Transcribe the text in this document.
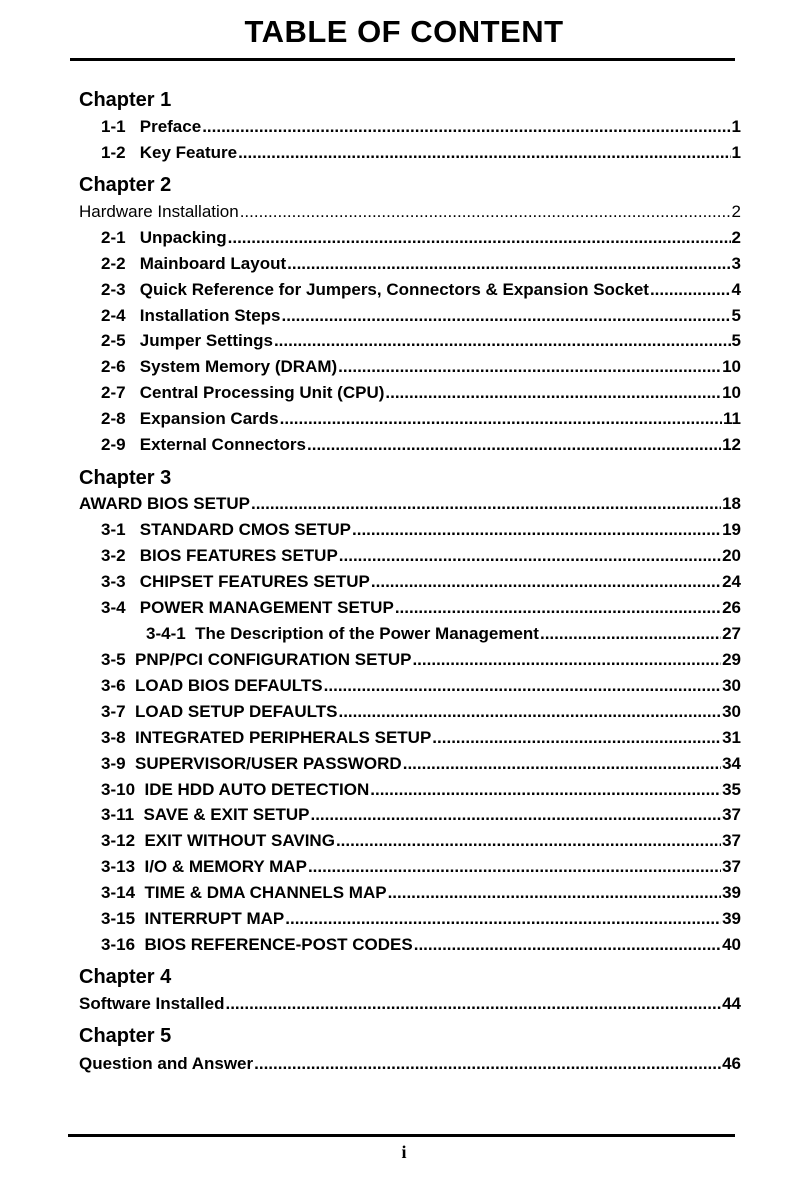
TABLE OF CONTENT
Chapter 1
1-1   Preface .....	1
1-2   Key Feature .....	1
Chapter 2
Hardware Installation .....	2
2-1   Unpacking .....	2
2-2   Mainboard Layout .....	3
2-3   Quick Reference for Jumpers, Connectors & Expansion Socket .....	4
2-4   Installation Steps .....	5
2-5   Jumper Settings .....	5
2-6   System Memory (DRAM) .....	10
2-7   Central Processing Unit (CPU) .....	10
2-8   Expansion Cards .....	11
2-9   External Connectors .....	12
Chapter 3
AWARD BIOS SETUP .....	18
3-1   STANDARD CMOS SETUP .....	19
3-2   BIOS FEATURES SETUP .....	20
3-3   CHIPSET FEATURES SETUP .....	24
3-4   POWER MANAGEMENT SETUP .....	26
3-4-1  The Description of the Power Management .....	27
3-5  PNP/PCI CONFIGURATION SETUP .....	29
3-6  LOAD BIOS DEFAULTS .....	30
3-7  LOAD SETUP DEFAULTS .....	30
3-8  INTEGRATED PERIPHERALS SETUP .....	31
3-9  SUPERVISOR/USER PASSWORD .....	34
3-10  IDE HDD AUTO DETECTION .....	35
3-11  SAVE & EXIT SETUP .....	37
3-12  EXIT WITHOUT SAVING .....	37
3-13  I/O & MEMORY MAP .....	37
3-14  TIME & DMA CHANNELS MAP .....	39
3-15  INTERRUPT MAP .....	39
3-16  BIOS REFERENCE-POST CODES .....	40
Chapter 4
Software Installed .....	44
Chapter 5
Question and Answer .....	46
i
